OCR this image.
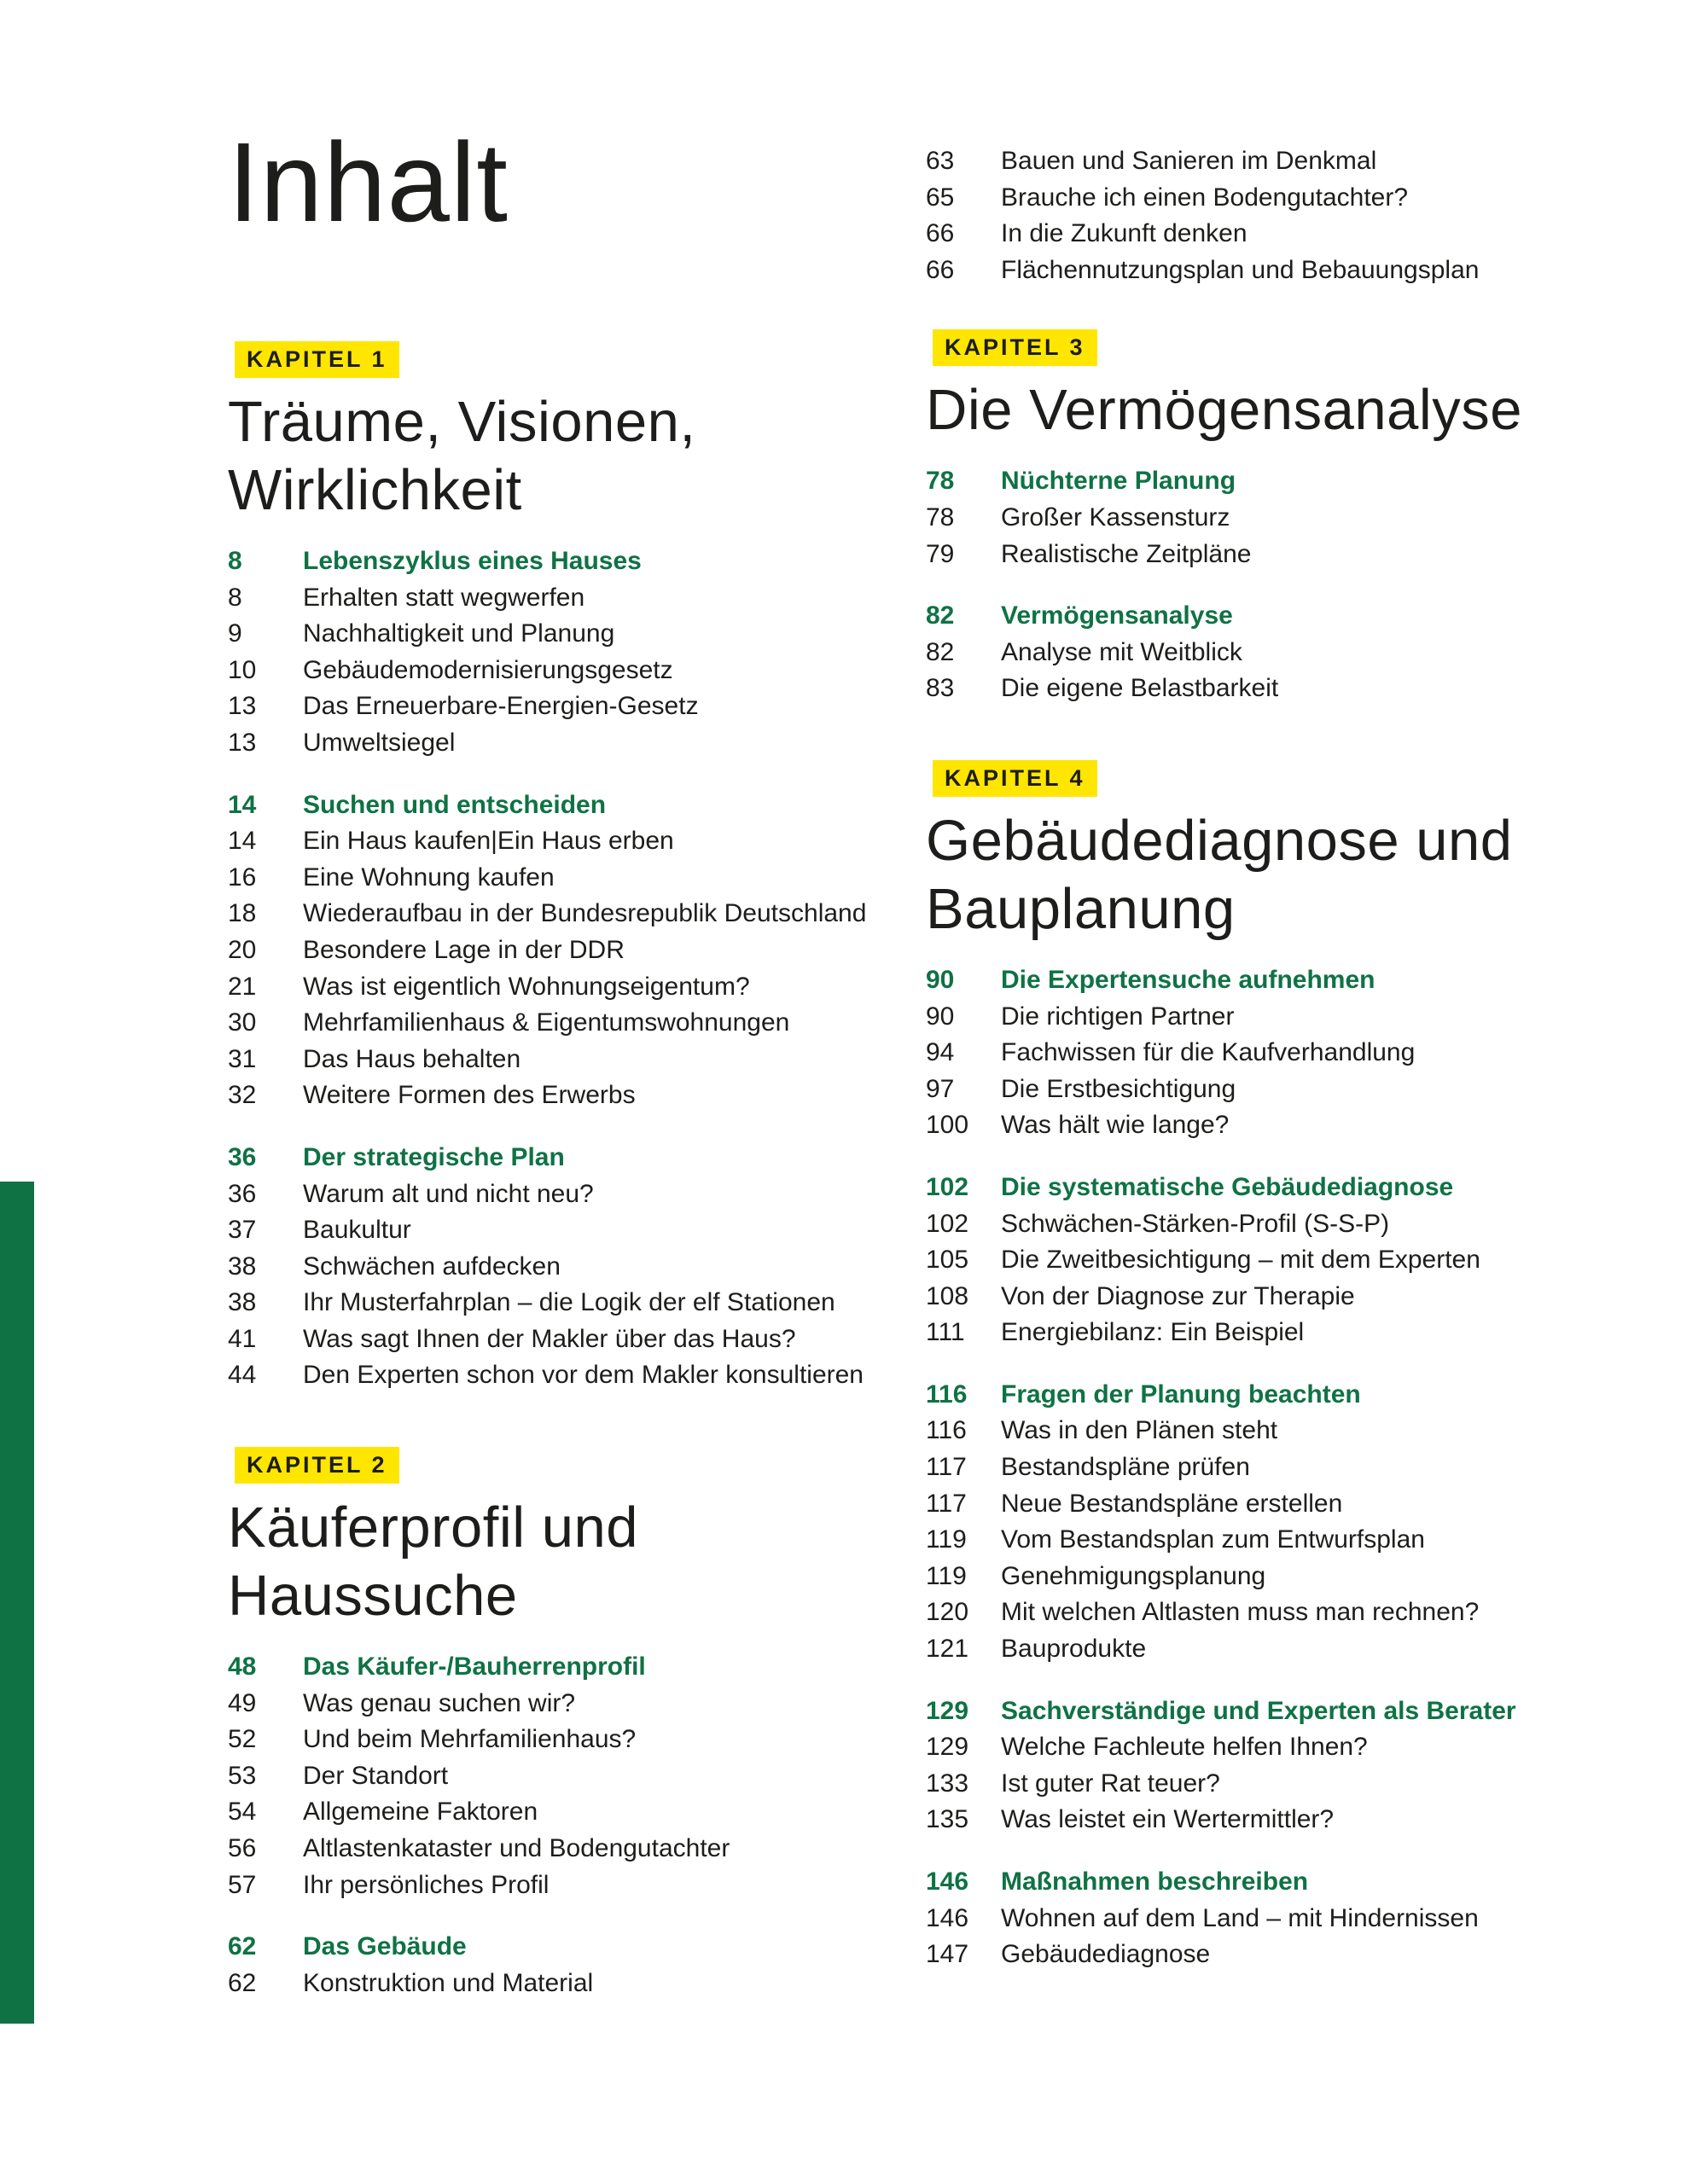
Inhalt
KAPITEL 1
Träume, Visionen,
Wirklichkeit
8	Lebenszyklus eines Hauses
8	Erhalten statt wegwerfen
9	Nachhaltigkeit und Planung
10	Gebäudemodernisierungsgesetz
13	Das Erneuerbare-Energien-Gesetz
13	Umweltsiegel
14	Suchen und entscheiden
14	Ein Haus kaufen|Ein Haus erben
16	Eine Wohnung kaufen
18	Wiederaufbau in der Bundesrepublik Deutschland
20	Besondere Lage in der DDR
21	Was ist eigentlich Wohnungseigentum?
30	Mehrfamilienhaus & Eigentumswohnungen
31	Das Haus behalten
32	Weitere Formen des Erwerbs
36	Der strategische Plan
36	Warum alt und nicht neu?
37	Baukultur
38	Schwächen aufdecken
38	Ihr Musterfahrplan – die Logik der elf Stationen
41	Was sagt Ihnen der Makler über das Haus?
44	Den Experten schon vor dem Makler konsultieren
KAPITEL 2
Käuferprofil und
Haussuche
48	Das Käufer-/Bauherrenprofil
49	Was genau suchen wir?
52	Und beim Mehrfamilienhaus?
53	Der Standort
54	Allgemeine Faktoren
56	Altlastenkataster und Bodengutachter
57	Ihr persönliches Profil
62	Das Gebäude
62	Konstruktion und Material
63	Bauen und Sanieren im Denkmal
65	Brauche ich einen Bodengutachter?
66	In die Zukunft denken
66	Flächennutzungsplan und Bebauungsplan
KAPITEL 3
Die Vermögensanalyse
78	Nüchterne Planung
78	Großer Kassensturz
79	Realistische Zeitpläne
82	Vermögensanalyse
82	Analyse mit Weitblick
83	Die eigene Belastbarkeit
KAPITEL 4
Gebäudediagnose und
Bauplanung
90	Die Expertensuche aufnehmen
90	Die richtigen Partner
94	Fachwissen für die Kaufverhandlung
97	Die Erstbesichtigung
100	Was hält wie lange?
102	Die systematische Gebäudediagnose
102	Schwächen-Stärken-Profil (S-S-P)
105	Die Zweitbesichtigung – mit dem Experten
108	Von der Diagnose zur Therapie
111	Energiebilanz: Ein Beispiel
116	Fragen der Planung beachten
116	Was in den Plänen steht
117	Bestandspläne prüfen
117	Neue Bestandspläne erstellen
119	Vom Bestandsplan zum Entwurfsplan
119	Genehmigungsplanung
120	Mit welchen Altlasten muss man rechnen?
121	Bauprodukte
129	Sachverständige und Experten als Berater
129	Welche Fachleute helfen Ihnen?
133	Ist guter Rat teuer?
135	Was leistet ein Wertermittler?
146	Maßnahmen beschreiben
146	Wohnen auf dem Land – mit Hindernissen
147	Gebäudediagnose
